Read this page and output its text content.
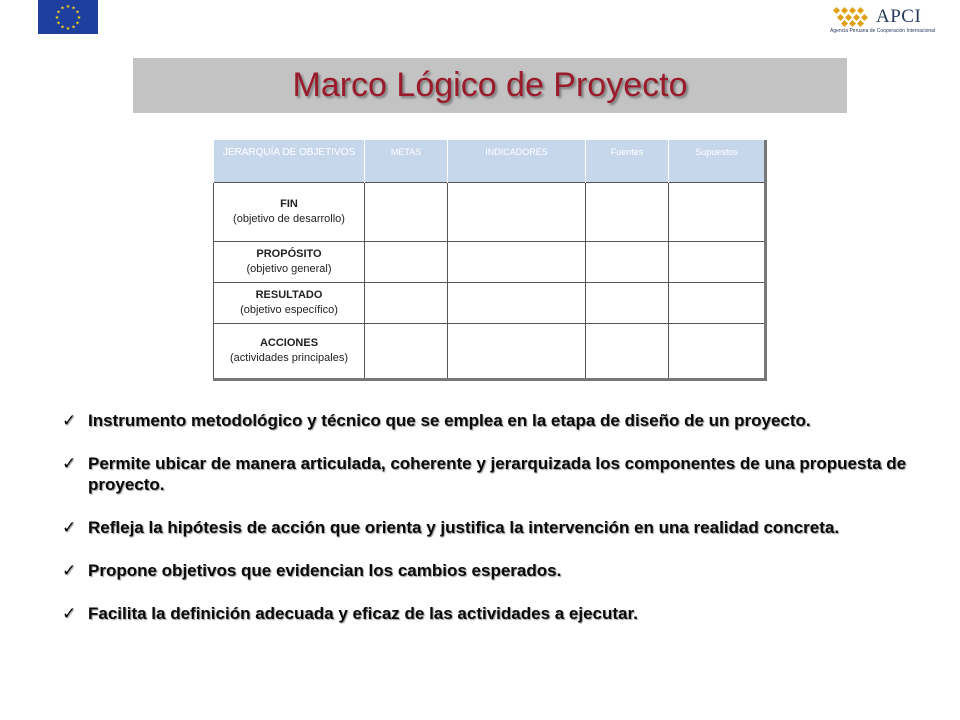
★ ★
★
★
★
★
★
★
★
★
★
★	APCI
Agencia Peruana de Cooperación Internacional
Marco Lógico de Proyecto
JERARQUÍA DE OBJETIVOS	METAS	INDICADORES	Fuentes	Supuestos

FIN
(objetivo de desarrollo)				

PROPÓSITO
(objetivo general)				

RESULTADO
(objetivo específico)				

ACCIONES
(actividades principales)				

✓ Instrumento metodológico y técnico que se emplea en la etapa de diseño de un proyecto.
✓ Permite ubicar de manera articulada, coherente y jerarquizada los componentes de una propuesta de proyecto.
✓ Refleja la hipótesis de acción que orienta y justifica la intervención en una realidad concreta.
✓ Propone objetivos que evidencian los cambios esperados.
✓ Facilita la definición adecuada y eficaz de las actividades a ejecutar.
